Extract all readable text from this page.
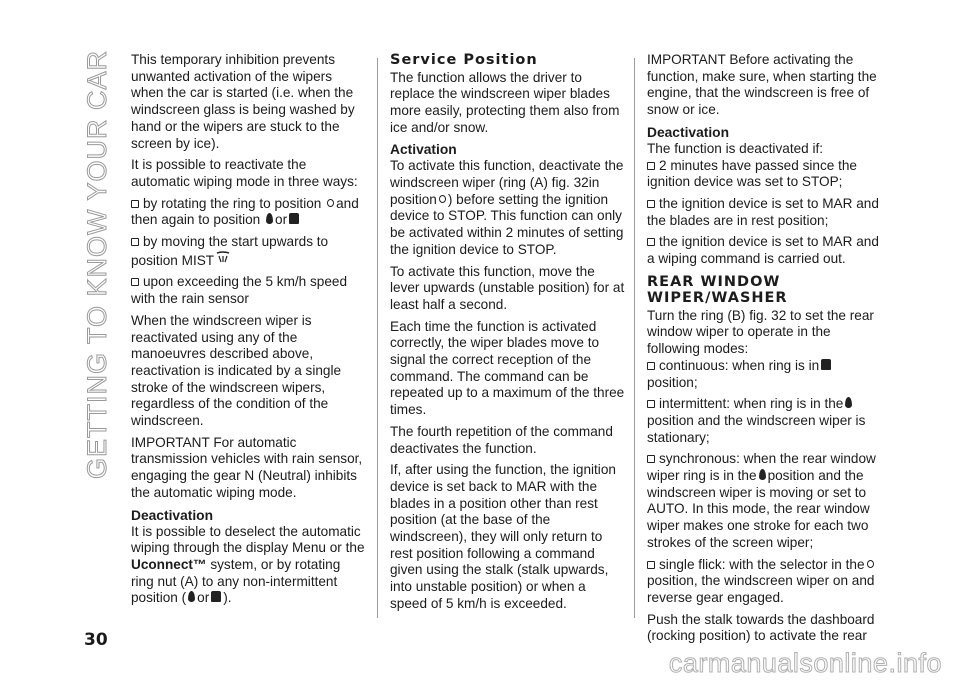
GETTING TO KNOW YOUR CAR This temporary inhibition prevents unwanted activation of the wipers when the car is started (i.e. when the windscreen glass is being washed by hand or the wipers are stuck to the screen by ice).

It is possible to reactivate the automatic wiping mode in three ways:

by rotating the ring to position and then again to position or

by moving the start upwards to position MIST

upon exceeding the 5 km/h speed with the rain sensor

When the windscreen wiper is reactivated using any of the manoeuvres described above, reactivation is indicated by a single stroke of the windscreen wipers, regardless of the condition of the windscreen.

IMPORTANT For automatic transmission vehicles with rain sensor, engaging the gear N (Neutral) inhibits the automatic wiping mode.

Deactivation

It is possible to deselect the automatic wiping through the display Menu or the Uconnect™ system, or by rotating ring nut (A) to any non-intermittent position ( or ).

Service Position

The function allows the driver to replace the windscreen wiper blades more easily, protecting them also from ice and/or snow.

Activation

To activate this function, deactivate the windscreen wiper (ring (A) fig. 32in position ) before setting the ignition device to STOP. This function can only be activated within 2 minutes of setting the ignition device to STOP.

To activate this function, move the lever upwards (unstable position) for at least half a second.

Each time the function is activated correctly, the wiper blades move to signal the correct reception of the command. The command can be repeated up to a maximum of the three times.

The fourth repetition of the command deactivates the function.

If, after using the function, the ignition device is set back to MAR with the blades in a position other than rest position (at the base of the windscreen), they will only return to rest position following a command given using the stalk (stalk upwards, into unstable position) or when a speed of 5 km/h is exceeded.

IMPORTANT Before activating the function, make sure, when starting the engine, that the windscreen is free of snow or ice.

Deactivation

The function is deactivated if:

2 minutes have passed since the ignition device was set to STOP;

the ignition device is set to MAR and the blades are in rest position;

the ignition device is set to MAR and a wiping command is carried out.

REAR WINDOW WIPER/WASHER

Turn the ring (B) fig. 32 to set the rear window wiper to operate in the following modes:

continuous: when ring is in position;

intermittent: when ring is in the position and the windscreen wiper is stationary;

synchronous: when the rear window wiper ring is in the position and the windscreen wiper is moving or set to AUTO. In this mode, the rear window wiper makes one stroke for each two strokes of the screen wiper;

single flick: with the selector in theposition, the windscreen wiper on and reverse gear engaged.

Push the stalk towards the dashboard (rocking position) to activate the rear

30
carmanualsonline.info
